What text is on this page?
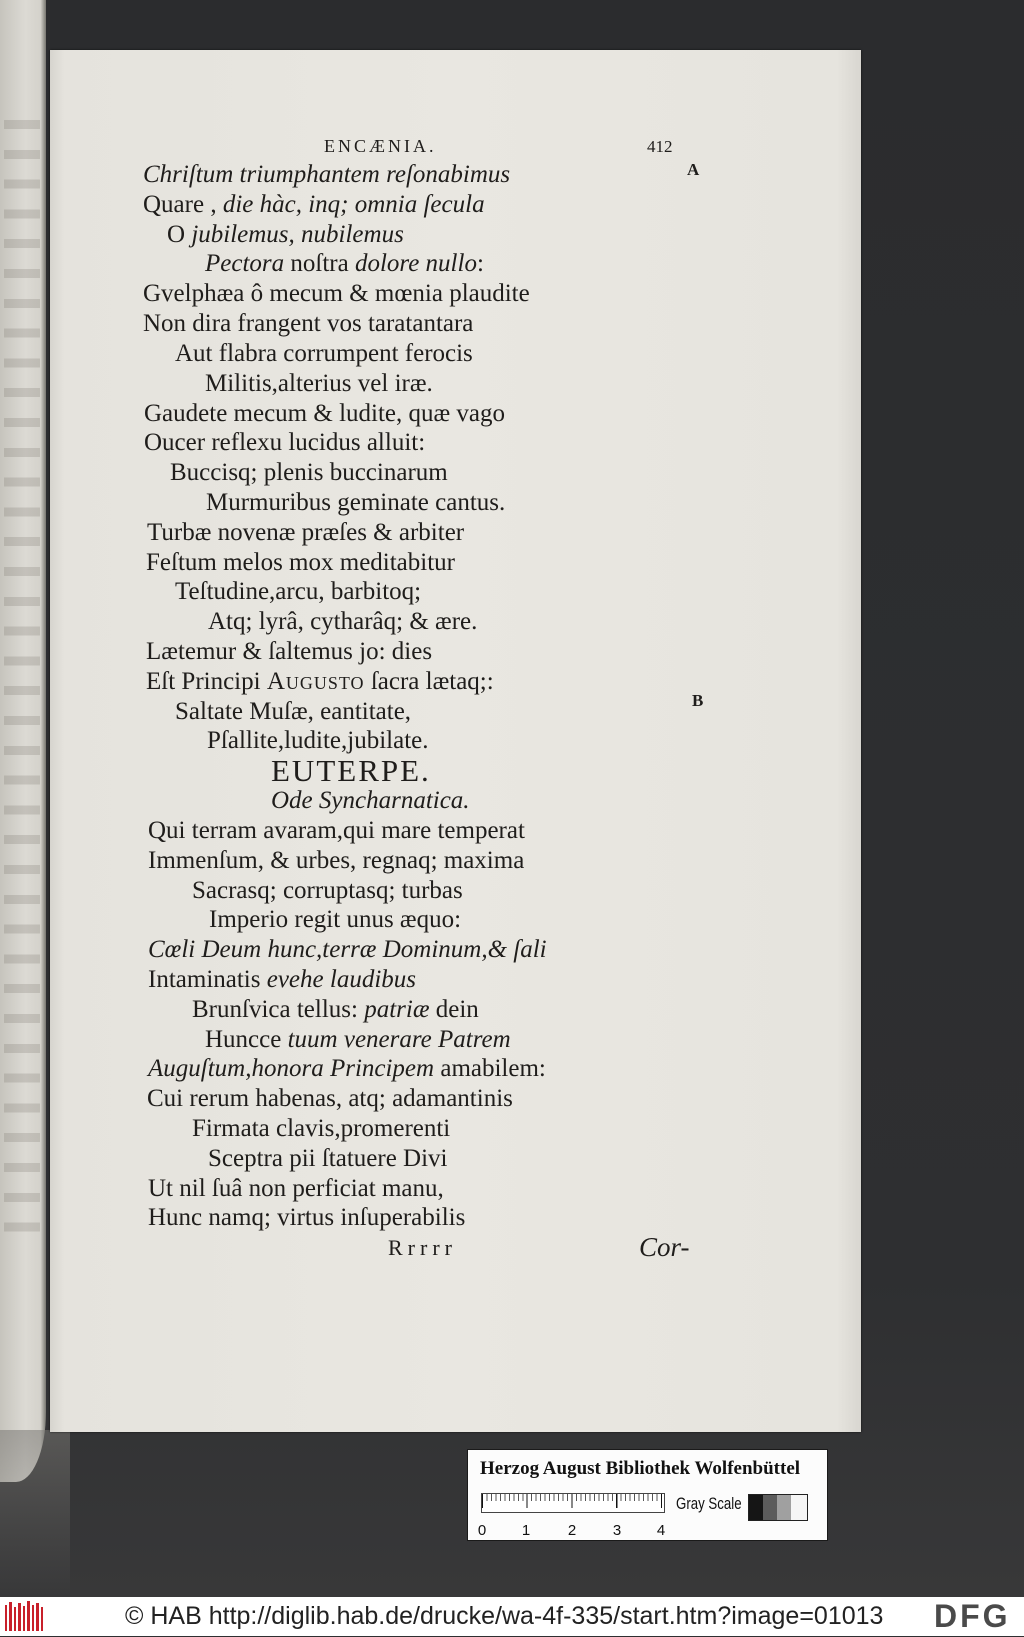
ENCÆNIA.	412
A
B
Chriſtum triumphantem reſonabimus
Quare , die hàc, inq; omnia ſecula
O jubilemus, nubilemus
Pectora noſtra dolore nullo:
Gvelphæa ô mecum & mœnia plaudite
Non dira frangent vos taratantara
Aut flabra corrumpent ferocis
Militis,alterius vel iræ.
Gaudete mecum & ludite, quæ vago
Oucer reflexu lucidus alluit:
Buccisq; plenis buccinarum
Murmuribus geminate cantus.
Turbæ novenæ præſes & arbiter
Feſtum melos mox meditabitur
Teſtudine,arcu, barbitoq;
Atq; lyrâ, cytharâq; & ære.
Lætemur & ſaltemus jo: dies
Eſt Principi Augusto ſacra lætaq;:
Saltate Muſæ, eantitate,
Pſallite,ludite,jubilate.
EUTERPE.
Ode Syncharnatica.
Qui terram avaram,qui mare temperat
Immenſum, & urbes, regnaq; maxima
Sacrasq; corruptasq; turbas
Imperio regit unus æquo:
Cœli Deum hunc,terræ Dominum,& ſali
Intaminatis evehe laudibus
Brunſvica tellus: patriæ dein
Huncce tuum venerare Patrem
Auguſtum,honora Principem amabilem:
Cui rerum habenas, atq; adamantinis
Firmata clavis,promerenti
Sceptra pii ſtatuere Divi
Ut nil ſuâ non perficiat manu,
Hunc namq; virtus inſuperabilis
Rrrrr	Cor-
Herzog August Bibliothek Wolfenbüttel
0 1	2 3 4
Gray Scale
© HAB http://diglib.hab.de/drucke/wa-4f-335/start.htm?image=01013 DFG
